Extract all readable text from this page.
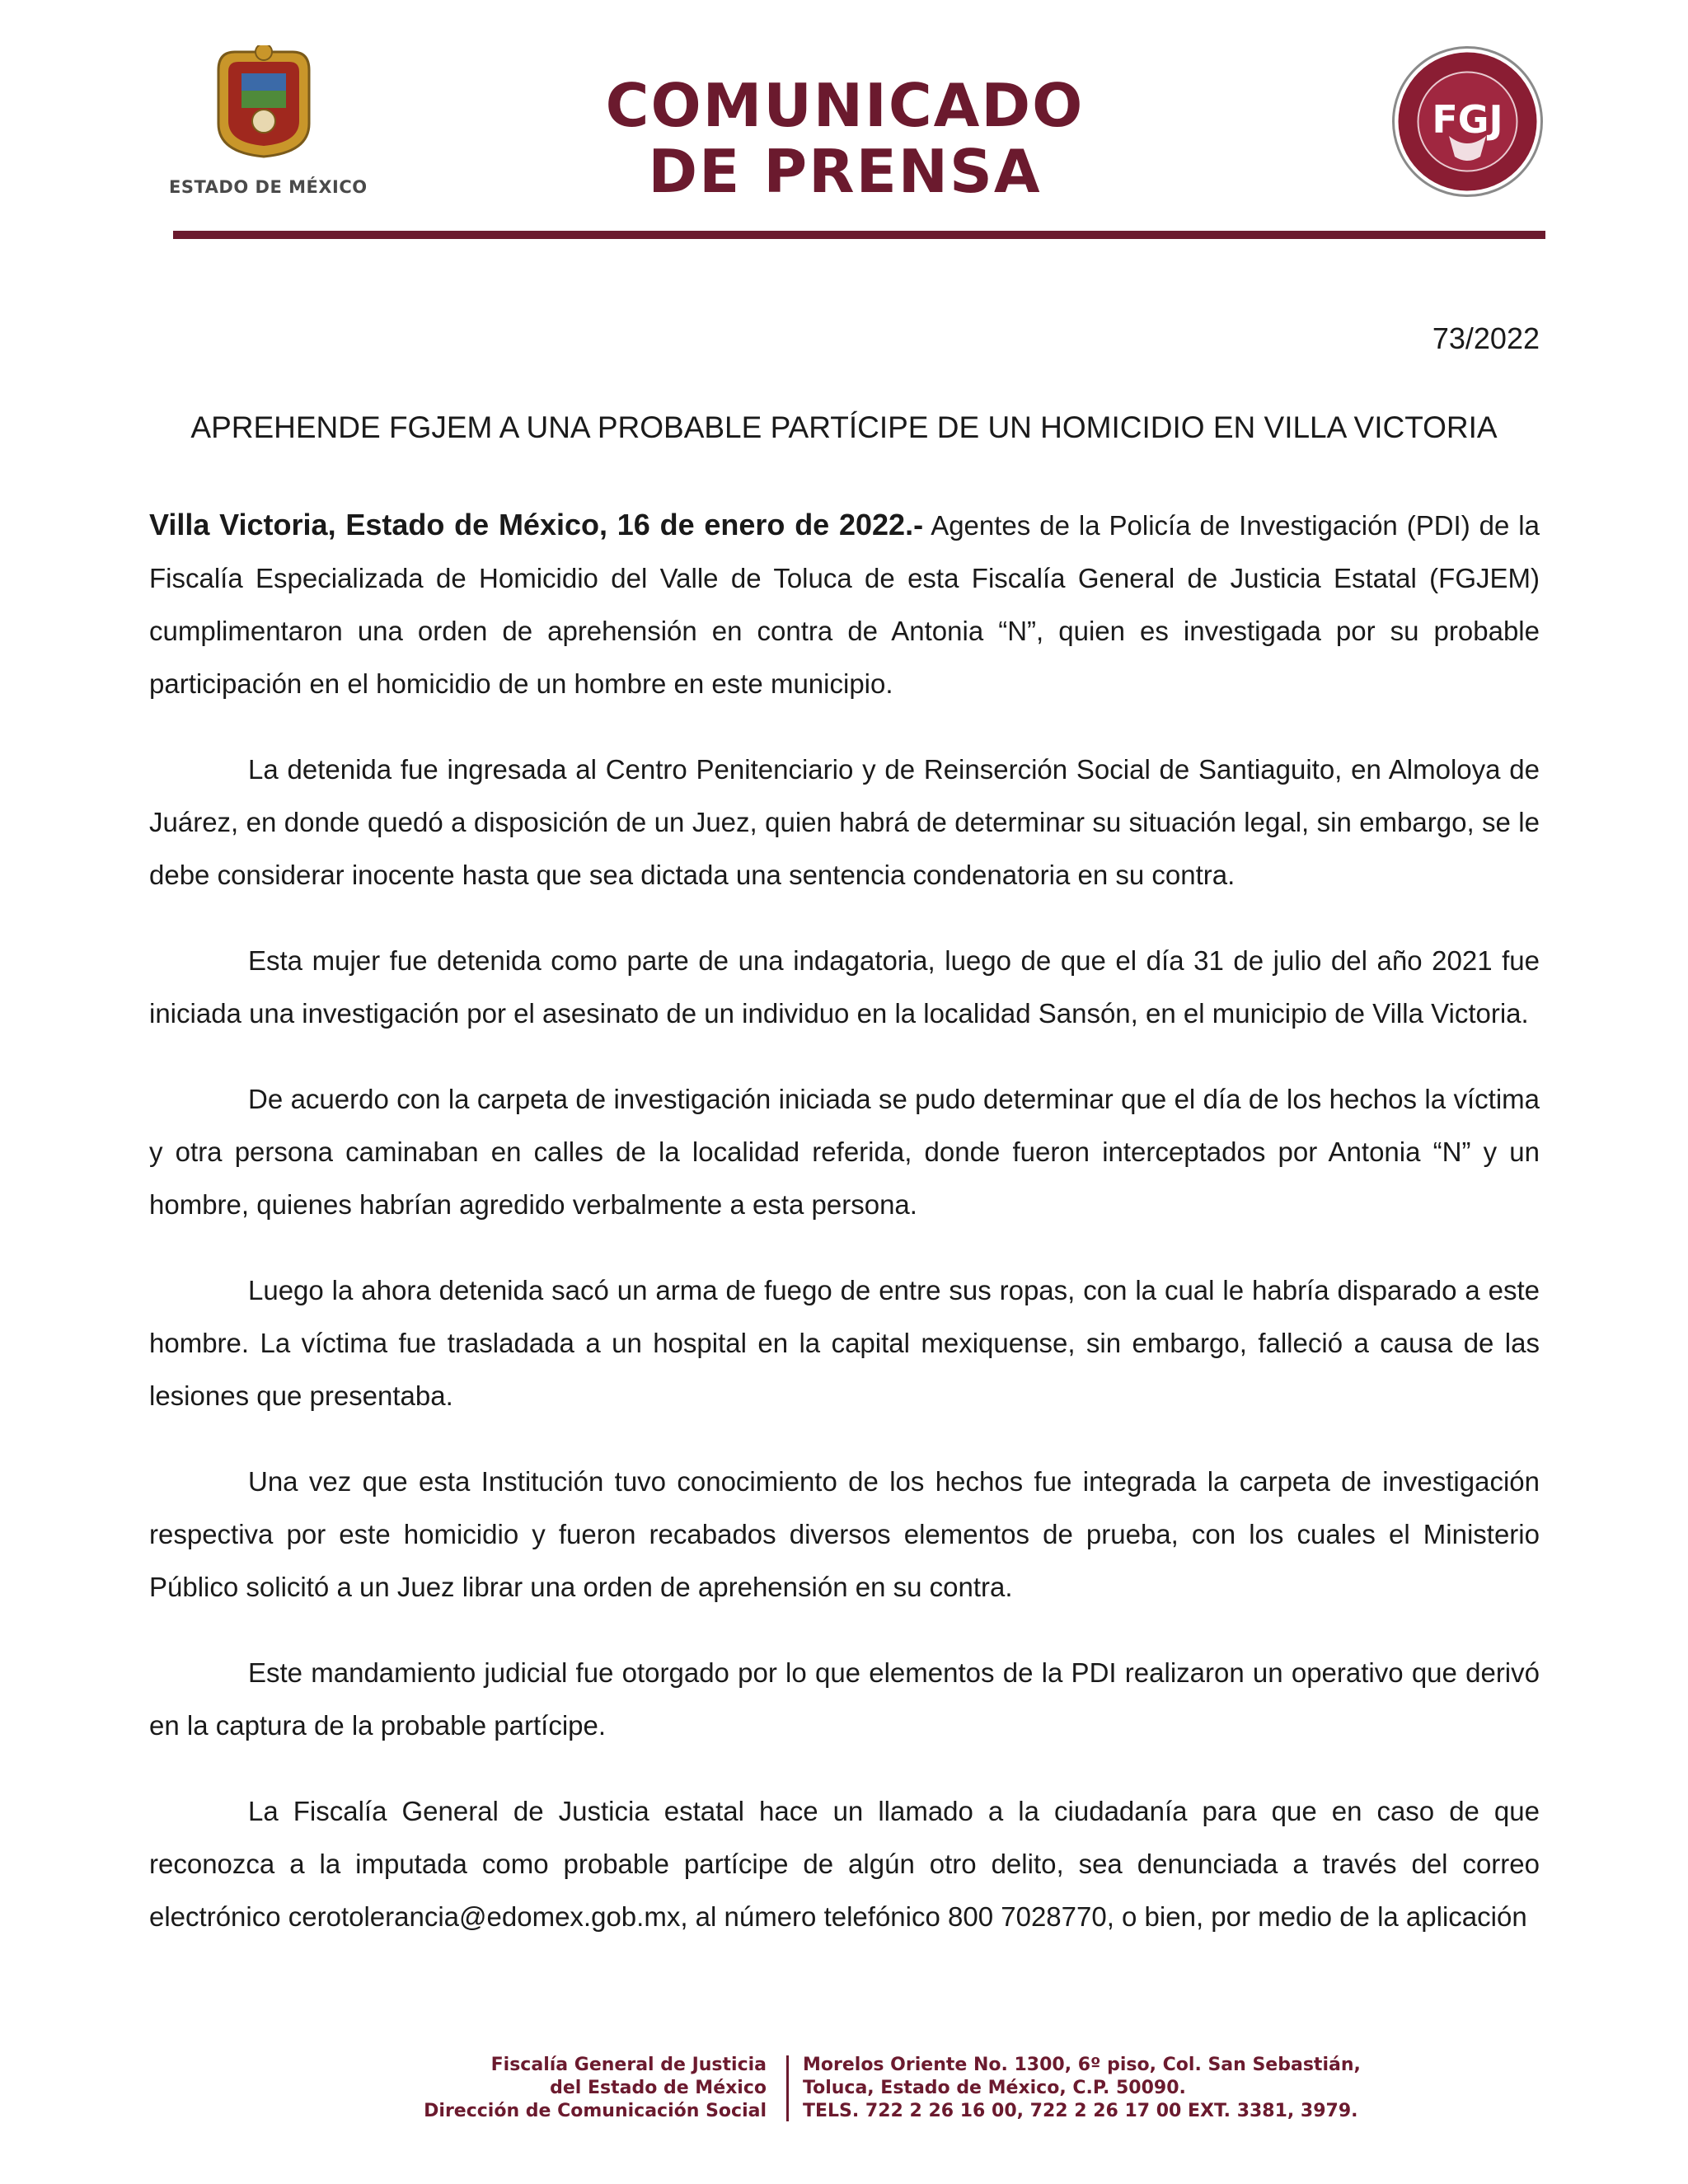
ESTADO DE MÉXICO
COMUNICADO
DE PRENSA
FGJ
73/2022
APREHENDE FGJEM A UNA PROBABLE PARTÍCIPE DE UN HOMICIDIO EN VILLA VICTORIA

Villa Victoria, Estado de México, 16 de enero de 2022.- Agentes de la Policía de Investigación (PDI) de la Fiscalía Especializada de Homicidio del Valle de Toluca de esta Fiscalía General de Justicia Estatal (FGJEM) cumplimentaron una orden de aprehensión en contra de Antonia “N”, quien es investigada por su probable participación en el homicidio de un hombre en este municipio.

La detenida fue ingresada al Centro Penitenciario y de Reinserción Social de Santiaguito, en Almoloya de Juárez, en donde quedó a disposición de un Juez, quien habrá de determinar su situación legal, sin embargo, se le debe considerar inocente hasta que sea dictada una sentencia condenatoria en su contra.

Esta mujer fue detenida como parte de una indagatoria, luego de que el día 31 de julio del año 2021 fue iniciada una investigación por el asesinato de un individuo en la localidad Sansón, en el municipio de Villa Victoria.

De acuerdo con la carpeta de investigación iniciada se pudo determinar que el día de los hechos la víctima y otra persona caminaban en calles de la localidad referida, donde fueron interceptados por Antonia “N” y un hombre, quienes habrían agredido verbalmente a esta persona.

Luego la ahora detenida sacó un arma de fuego de entre sus ropas, con la cual le habría disparado a este hombre. La víctima fue trasladada a un hospital en la capital mexiquense, sin embargo, falleció a causa de las lesiones que presentaba.

Una vez que esta Institución tuvo conocimiento de los hechos fue integrada la carpeta de investigación respectiva por este homicidio y fueron recabados diversos elementos de prueba, con los cuales el Ministerio Público solicitó a un Juez librar una orden de aprehensión en su contra.

Este mandamiento judicial fue otorgado por lo que elementos de la PDI realizaron un operativo que derivó en la captura de la probable partícipe.

La Fiscalía General de Justicia estatal hace un llamado a la ciudadanía para que en caso de que reconozca a la imputada como probable partícipe de algún otro delito, sea denunciada a través del correo electrónico cerotolerancia@edomex.gob.mx, al número telefónico 800 7028770, o bien, por medio de la aplicación

Fiscalía General de Justicia
del Estado de México
Dirección de Comunicación Social
Morelos Oriente No. 1300, 6º piso, Col. San Sebastián,
Toluca, Estado de México, C.P. 50090.
TELS. 722 2 26 16 00, 722 2 26 17 00 EXT. 3381, 3979.
